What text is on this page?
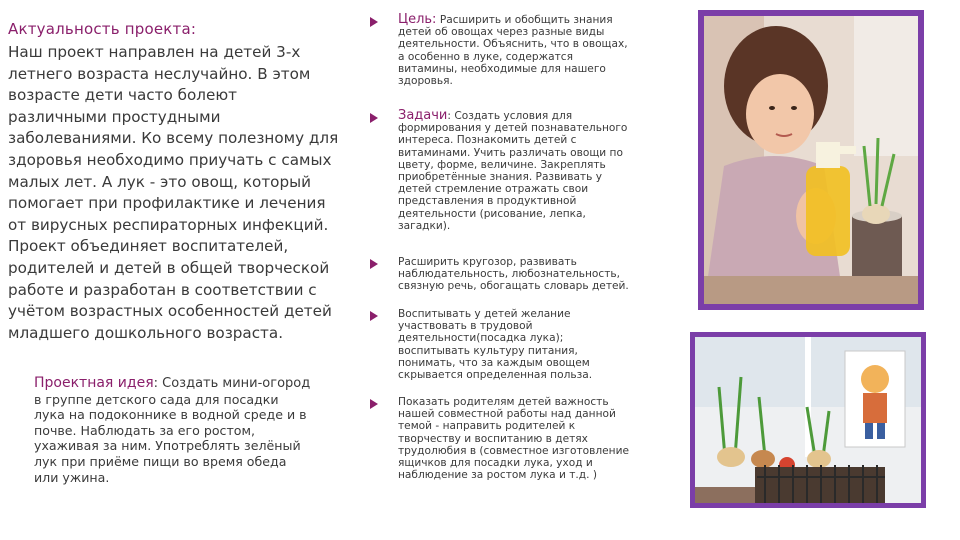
Актуальность проекта:
Наш проект направлен на детей 3-х
летнего возраста неслучайно. В этом
возрасте дети часто болеют
различными простудными
заболеваниями. Ко всему полезному для
здоровья необходимо приучать с самых
малых лет. А лук - это овощ, который
помогает при профилактике и лечения
от вирусных респираторных инфекций.
Проект объединяет воспитателей,
родителей и детей в общей творческой
работе и разработан в соответствии с
учётом возрастных особенностей детей
младшего дошкольного возраста.
Проектная идея: Создать мини-огород
в группе детского сада для посадки
лука на подоконнике в водной среде и в
почве. Наблюдать за его ростом,
ухаживая за ним. Употреблять зелёный
лук при приёме пищи во время обеда
или ужина.
Цель: Расширить и обобщить знания
детей об овощах через разные виды
деятельности. Объяснить, что в овощах,
а особенно в луке, содержатся
витамины, необходимые для нашего
здоровья.
Задачи: Создать условия для
формирования у детей познавательного
интереса. Познакомить детей с
витаминами. Учить различать овощи по
цвету, форме, величине. Закреплять
приобретённые знания. Развивать у
детей стремление отражать свои
представления в продуктивной
деятельности (рисование, лепка,
загадки).
Расширить кругозор, развивать
наблюдательность, любознательность,
связную речь, обогащать словарь детей.
Воспитывать у детей желание
участвовать в трудовой
деятельности(посадка лука);
воспитывать культуру питания,
понимать, что за каждым овощем
скрывается определенная польза.
Показать родителям детей важность
нашей совместной работы над данной
темой - направить родителей к
творчеству и воспитанию в детях
трудолюбия в (совместное изготовление
ящичков для посадки лука, уход и
наблюдение за ростом лука и т.д. )
